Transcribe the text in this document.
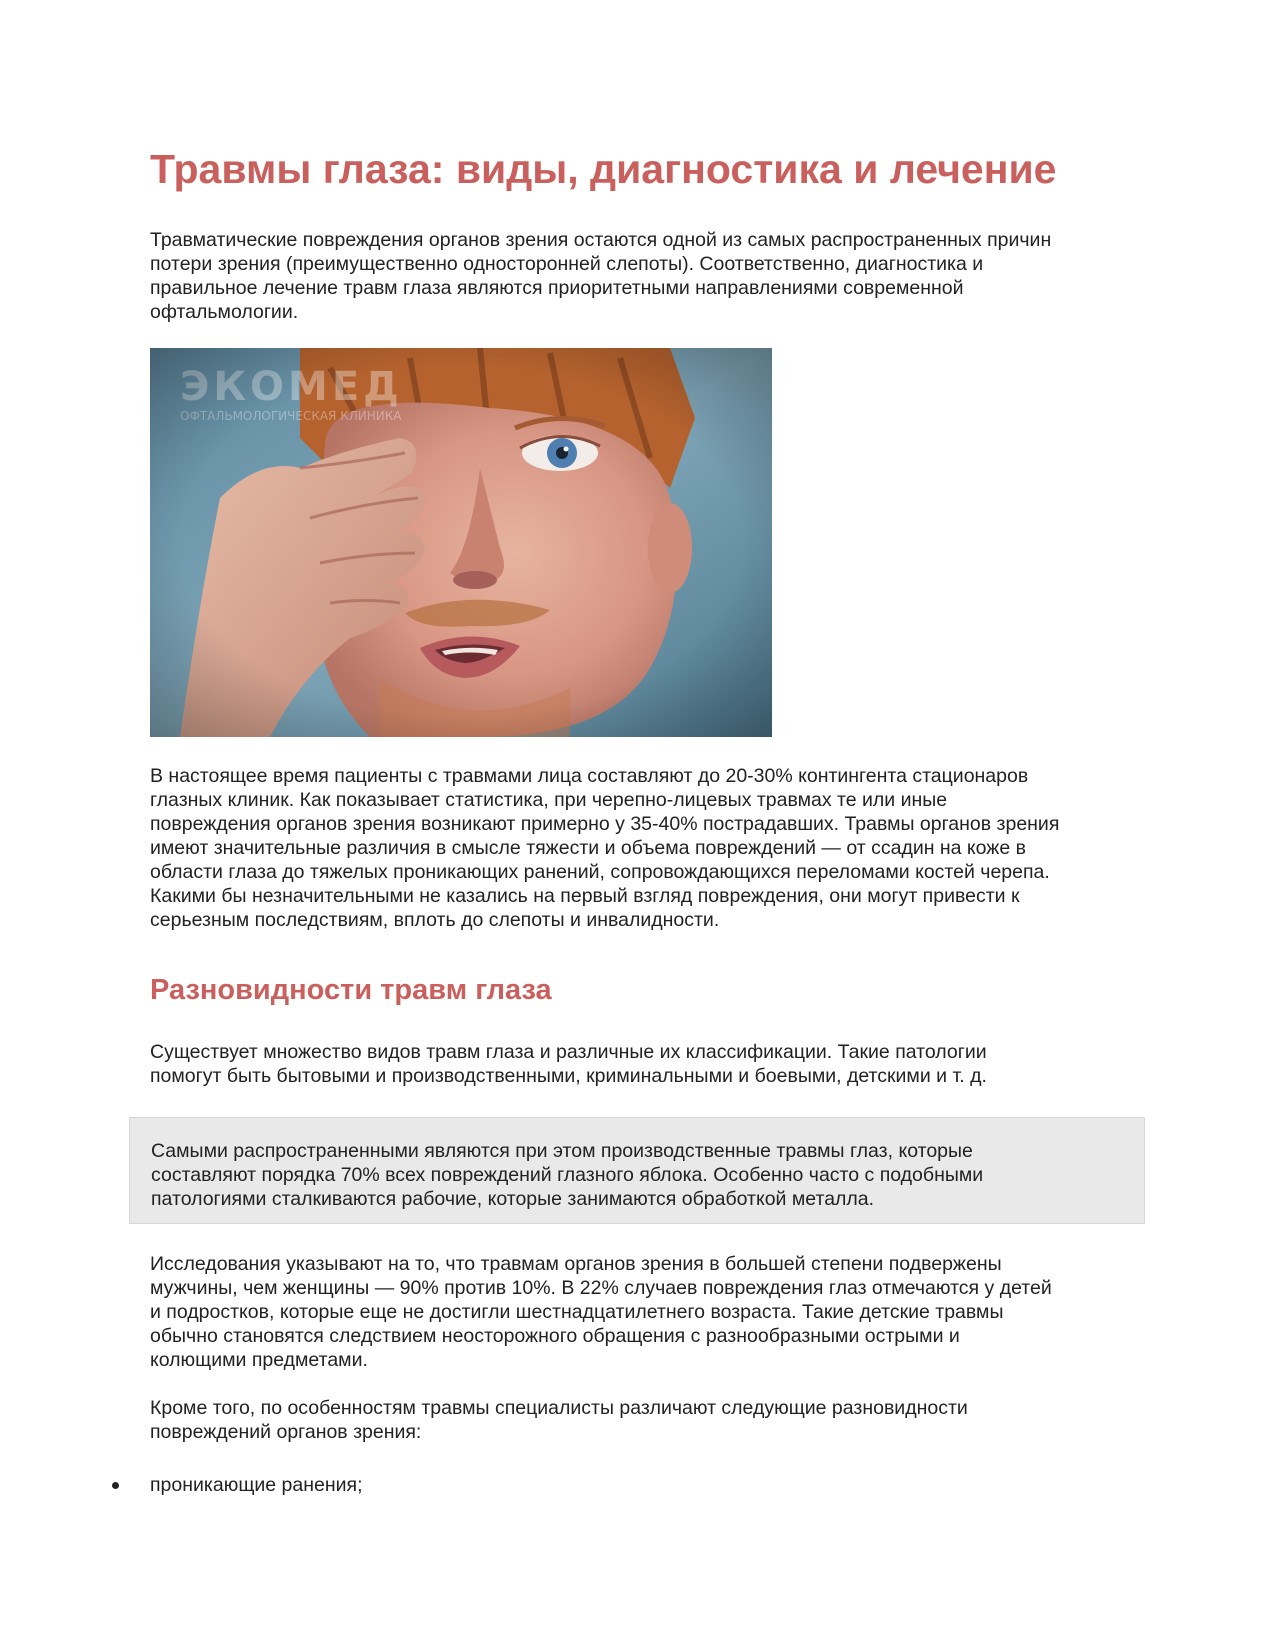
Травмы глаза: виды, диагностика и лечение

Травматические повреждения органов зрения остаются одной из самых распространенных причин
потери зрения (преимущественно односторонней слепоты). Соответственно, диагностика и
правильное лечение травм глаза являются приоритетными направлениями современной
офтальмологии.

В настоящее время пациенты с травмами лица составляют до 20-30% контингента стационаров
глазных клиник. Как показывает статистика, при черепно-лицевых травмах те или иные
повреждения органов зрения возникают примерно у 35-40% пострадавших. Травмы органов зрения
имеют значительные различия в смысле тяжести и объема повреждений — от ссадин на коже в
области глаза до тяжелых проникающих ранений, сопровождающихся переломами костей черепа.
Какими бы незначительными не казались на первый взгляд повреждения, они могут привести к
серьезным последствиям, вплоть до слепоты и инвалидности.

Разновидности травм глаза

Существует множество видов травм глаза и различные их классификации. Такие патологии
помогут быть бытовыми и производственными, криминальными и боевыми, детскими и т. д.

Самыми распространенными являются при этом производственные травмы глаз, которые
составляют порядка 70% всех повреждений глазного яблока. Особенно часто с подобными
патологиями сталкиваются рабочие, которые занимаются обработкой металла.

Исследования указывают на то, что травмам органов зрения в большей степени подвержены
мужчины, чем женщины — 90% против 10%. В 22% случаев повреждения глаз отмечаются у детей
и подростков, которые еще не достигли шестнадцатилетнего возраста. Такие детские травмы
обычно становятся следствием неосторожного обращения с разнообразными острыми и
колющими предметами.

Кроме того, по особенностям травмы специалисты различают следующие разновидности
повреждений органов зрения:

проникающие ранения;
